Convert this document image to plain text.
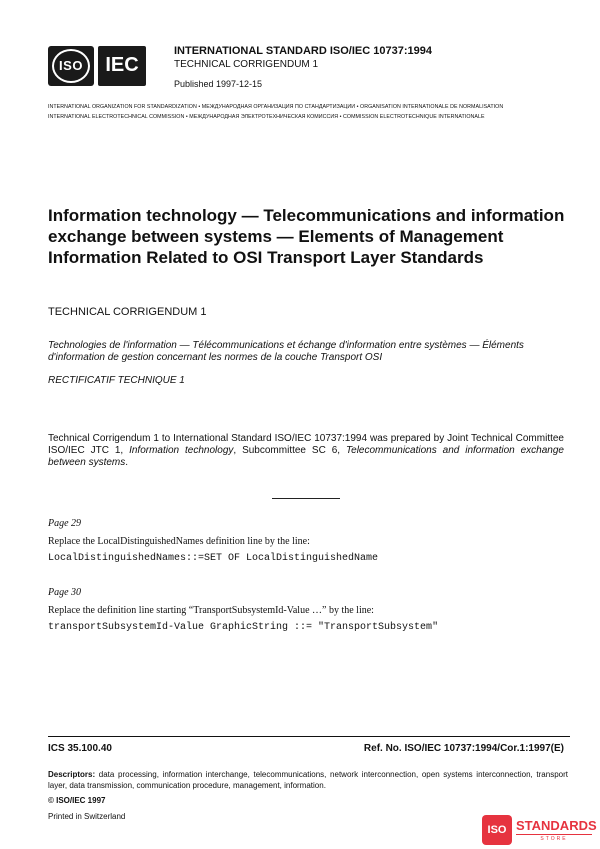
ISO	IEC
INTERNATIONAL STANDARD ISO/IEC 10737:1994
TECHNICAL CORRIGENDUM 1
Published 1997-12-15
INTERNATIONAL ORGANIZATION FOR STANDARDIZATION • МЕЖДУНАРОДНАЯ ОРГАНИЗАЦИЯ ПО СТАНДАРТИЗАЦИИ • ORGANISATION INTERNATIONALE DE NORMALISATION
INTERNATIONAL ELECTROTECHNICAL COMMISSION • МЕЖДУНАРОДНАЯ ЭЛЕКТРОТЕХНИЧЕСКАЯ КОМИССИЯ • COMMISSION ELECTROTECHNIQUE INTERNATIONALE
Information technology — Telecommunications and information exchange between systems — Elements of Management Information Related to OSI Transport Layer Standards
TECHNICAL CORRIGENDUM 1
Technologies de l'information — Télécommunications et échange d'information entre systèmes — Éléments d'information de gestion concernant les normes de la couche Transport OSI
RECTIFICATIF TECHNIQUE 1
Technical Corrigendum 1 to International Standard ISO/IEC 10737:1994 was prepared by Joint Technical Committee ISO/IEC JTC 1, Information technology, Subcommittee SC 6, Telecommunications and information exchange between systems.
Page 29
Replace the LocalDistinguishedNames definition line by the line:
LocalDistinguishedNames::=SET OF LocalDistinguishedName
Page 30
Replace the definition line starting “TransportSubsystemId-Value …” by the line:
transportSubsystemId-Value GraphicString ::= "TransportSubsystem"
ICS 35.100.40	Ref. No. ISO/IEC 10737:1994/Cor.1:1997(E)
Descriptors: data processing, information interchange, telecommunications, network interconnection, open systems interconnection, transport layer, data transmission, communication procedure, management, information.
© ISO/IEC 1997
Printed in Switzerland
ISO STANDARDS
STORE
